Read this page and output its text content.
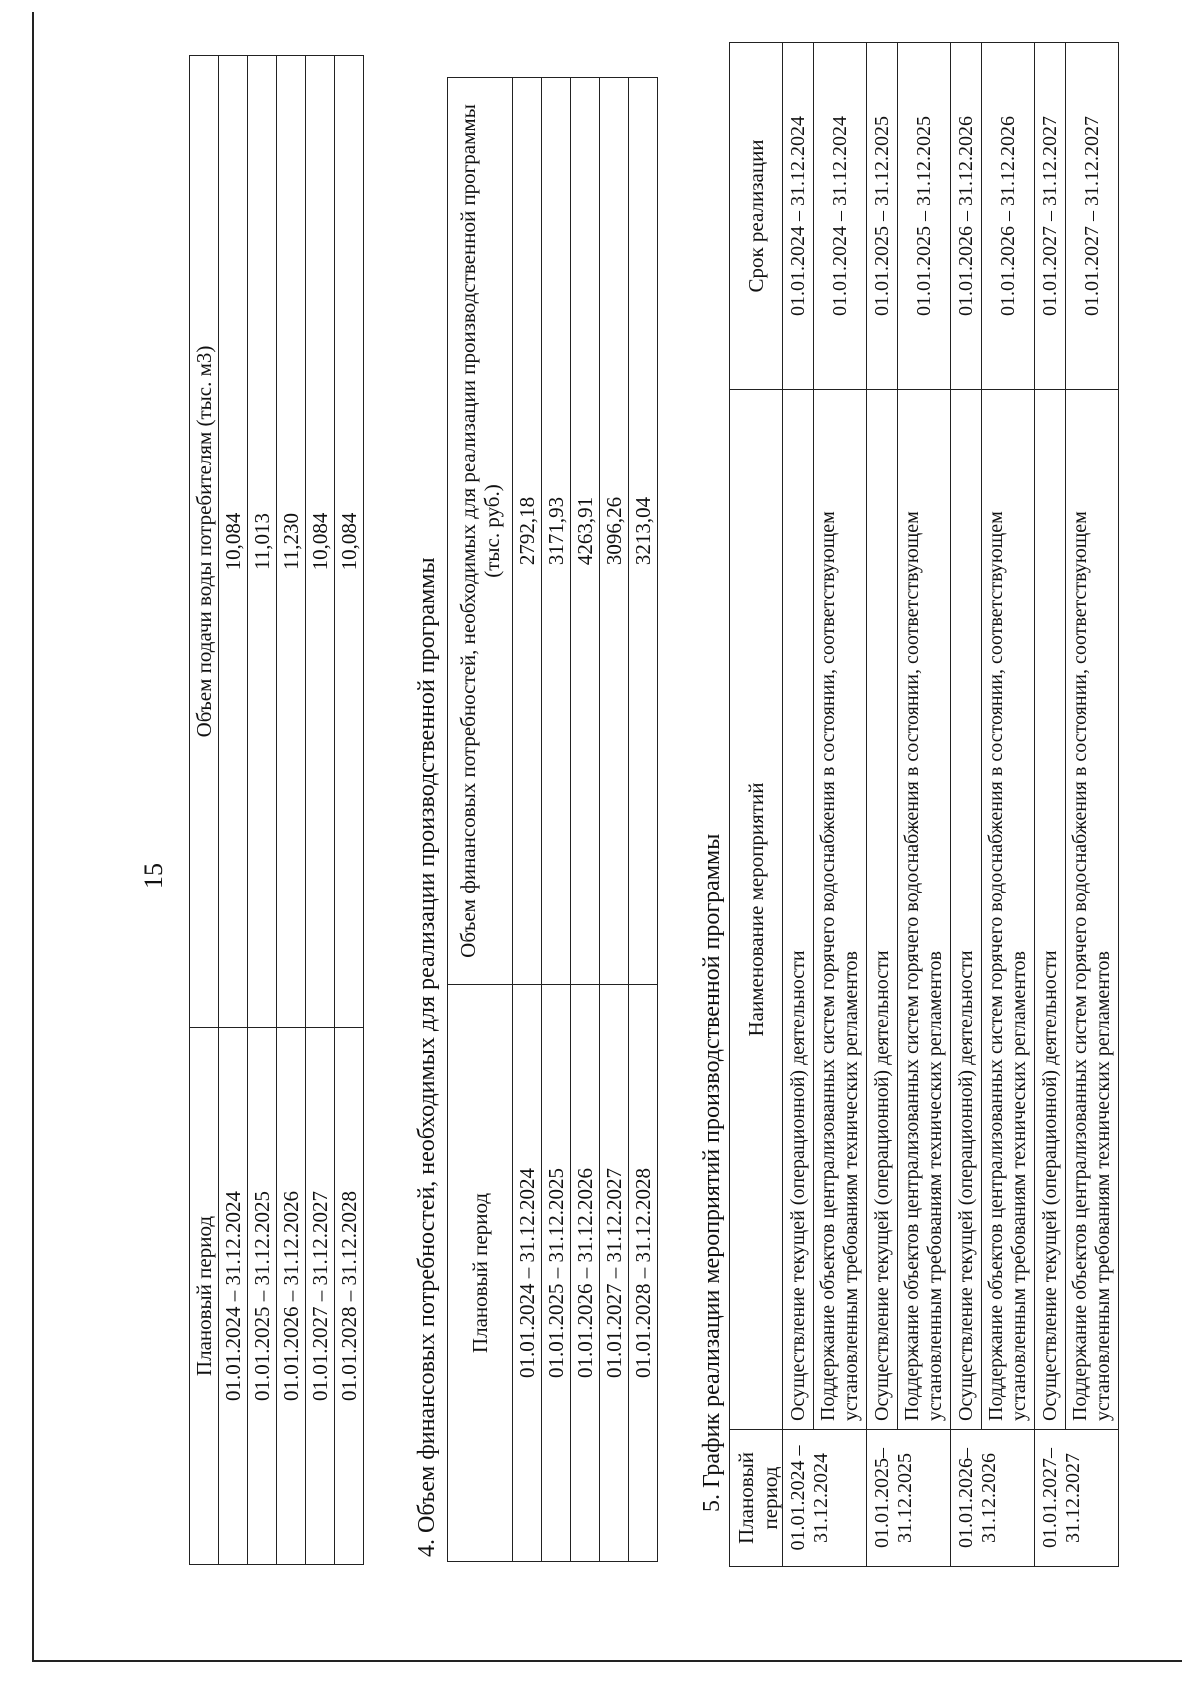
15
Плановый период	Объем подачи воды потребителям (тыс. м3)
01.01.2024 – 31.12.2024	10,084
01.01.2025 – 31.12.2025	11,013
01.01.2026 – 31.12.2026	11,230
01.01.2027 – 31.12.2027	10,084
01.01.2028 – 31.12.2028	10,084
4. Объем финансовых потребностей, необходимых для реализации производственной программы Плановый период	Объем финансовых потребностей, необходимых для реализации производственной программы (тыс. руб.)
01.01.2024 – 31.12.2024	2792,18
01.01.2025 – 31.12.2025	3171,93
01.01.2026 – 31.12.2026	4263,91
01.01.2027 – 31.12.2027	3096,26
01.01.2028 – 31.12.2028	3213,04
5. График реализации мероприятий производственной программы Плановый период	Наименование мероприятий	Срок реализации
01.01.2024 – 31.12.2024	Осуществление текущей (операционной) деятельности	01.01.2024 – 31.12.2024
	Поддержание объектов централизованных систем горячего водоснабжения в состоянии, соответствующем установленным требованиям технических регламентов	01.01.2024 – 31.12.2024
01.01.2025– 31.12.2025	Осуществление текущей (операционной) деятельности	01.01.2025 – 31.12.2025
	Поддержание объектов централизованных систем горячего водоснабжения в состоянии, соответствующем установленным требованиям технических регламентов	01.01.2025 – 31.12.2025
01.01.2026– 31.12.2026	Осуществление текущей (операционной) деятельности	01.01.2026 – 31.12.2026
	Поддержание объектов централизованных систем горячего водоснабжения в состоянии, соответствующем установленным требованиям технических регламентов	01.01.2026 – 31.12.2026
01.01.2027– 31.12.2027	Осуществление текущей (операционной) деятельности	01.01.2027 – 31.12.2027
	Поддержание объектов централизованных систем горячего водоснабжения в состоянии, соответствующем установленным требованиям технических регламентов	01.01.2027 – 31.12.2027
